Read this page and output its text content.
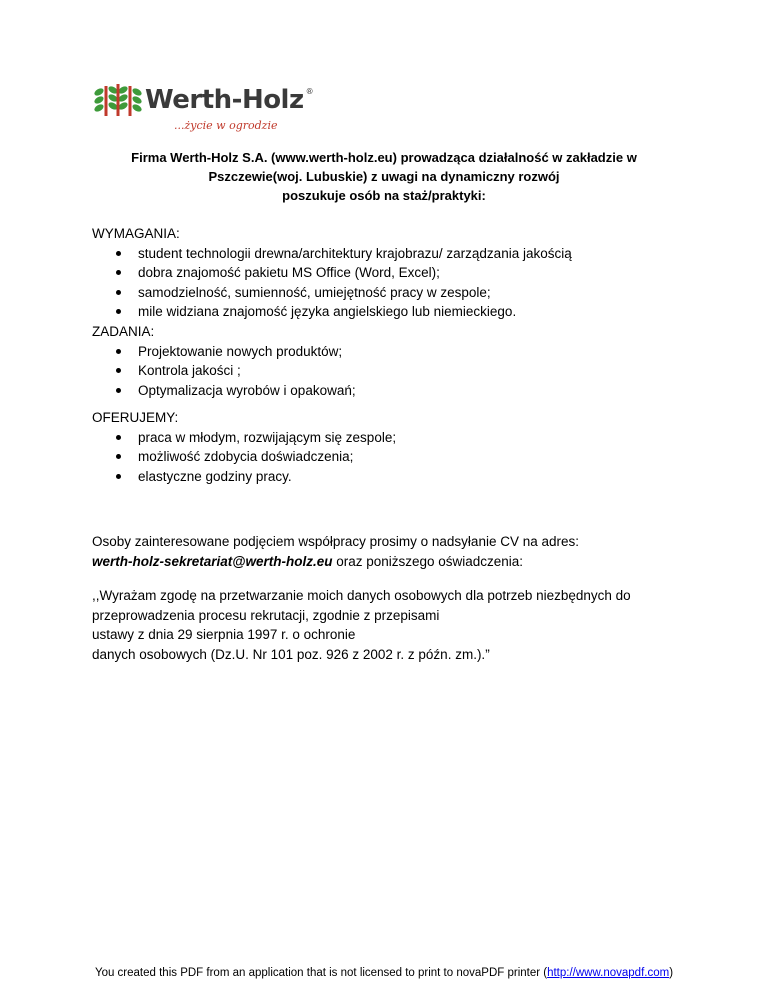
Werth-Holz ®
...życie w ogrodzie
Firma Werth-Holz S.A. (www.werth-holz.eu) prowadząca działalność w zakładzie w
Pszczewie(woj. Lubuskie) z uwagi na dynamiczny rozwój
poszukuje osób na staż/praktyki:
WYMAGANIA:
student technologii drewna/architektury krajobrazu/ zarządzania jakością
dobra znajomość pakietu MS Office (Word, Excel);
samodzielność, sumienność, umiejętność pracy w zespole;
mile widziana znajomość języka angielskiego lub niemieckiego.
ZADANIA:
Projektowanie nowych produktów;
Kontrola jakości ;
Optymalizacja wyrobów i opakowań;
OFERUJEMY:
praca w młodym, rozwijającym się zespole;
możliwość zdobycia doświadczenia;
elastyczne godziny pracy.
Osoby zainteresowane podjęciem współpracy prosimy o nadsyłanie CV na adres:
werth-holz-sekretariat@werth-holz.eu oraz poniższego oświadczenia:
,,Wyrażam zgodę na przetwarzanie moich danych osobowych dla potrzeb niezbędnych do
przeprowadzenia procesu rekrutacji, zgodnie z przepisami
ustawy z dnia 29 sierpnia 1997 r. o ochronie
danych osobowych (Dz.U. Nr 101 poz. 926 z 2002 r. z późn. zm.).”
You created this PDF from an application that is not licensed to print to novaPDF printer (http://www.novapdf.com)
